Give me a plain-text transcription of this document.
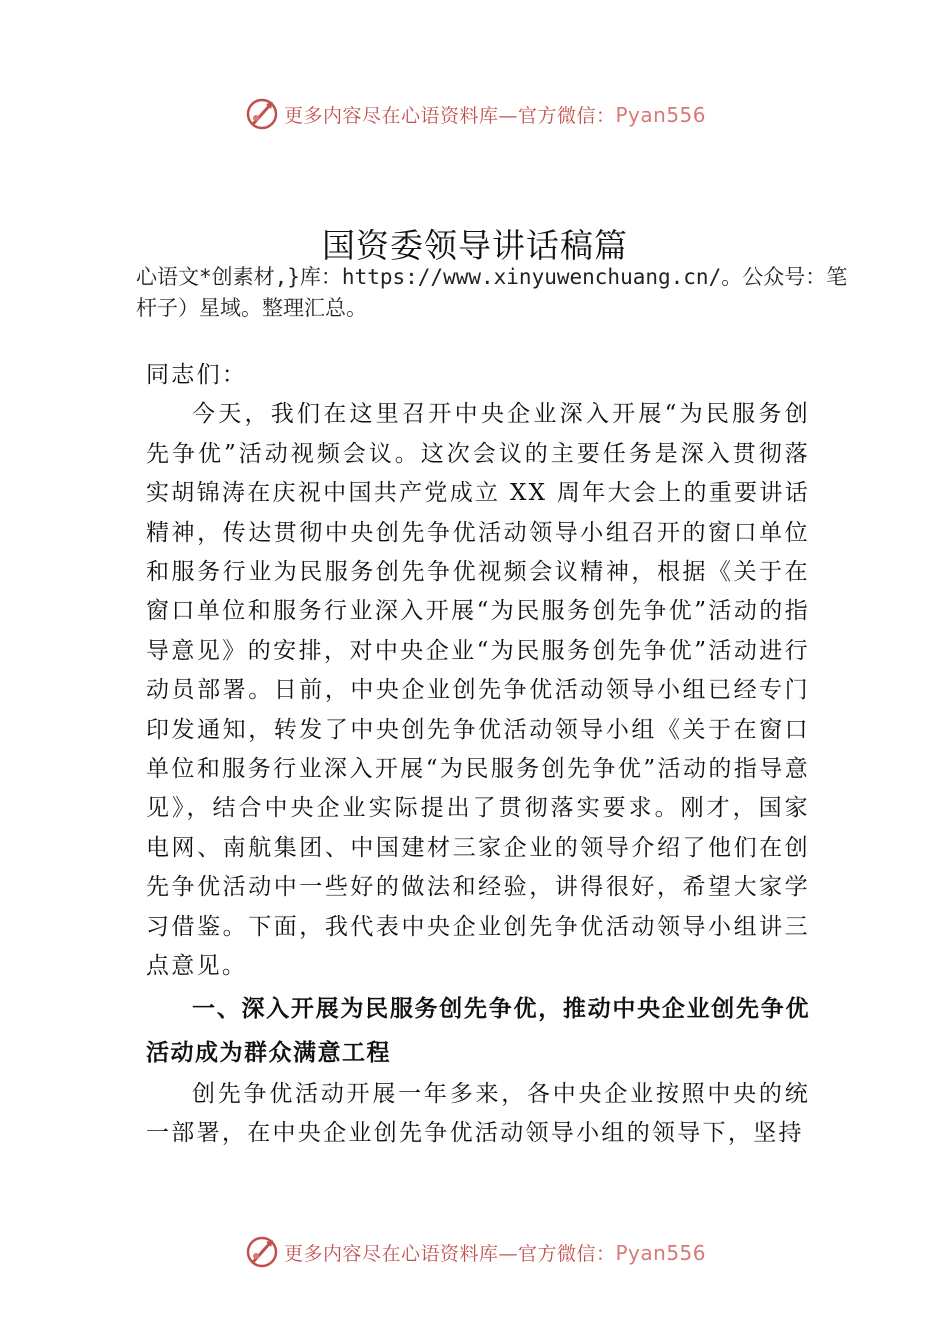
更多内容尽在心语资料库—官方微信：Pyan556
国资委领导讲话稿篇
心语文*创素材,}库：https://www.xinyuwenchuang.cn/。公众号：笔杆子）星域。整理汇总。

同志们：

今天，我们在这里召开中央企业深入开展“为民服务创先争优”活动视频会议。这次会议的主要任务是深入贯彻落实胡锦涛在庆祝中国共产党成立 XX 周年大会上的重要讲话精神，传达贯彻中央创先争优活动领导小组召开的窗口单位和服务行业为民服务创先争优视频会议精神，根据《关于在窗口单位和服务行业深入开展“为民服务创先争优”活动的指导意见》的安排，对中央企业“为民服务创先争优”活动进行动员部署。日前，中央企业创先争优活动领导小组已经专门印发通知，转发了中央创先争优活动领导小组《关于在窗口单位和服务行业深入开展“为民服务创先争优”活动的指导意见》，结合中央企业实际提出了贯彻落实要求。刚才，国家电网、南航集团、中国建材三家企业的领导介绍了他们在创先争优活动中一些好的做法和经验，讲得很好，希望大家学习借鉴。下面，我代表中央企业创先争优活动领导小组讲三点意见。

一、深入开展为民服务创先争优，推动中央企业创先争优活动成为群众满意工程

创先争优活动开展一年多来，各中央企业按照中央的统一部署，在中央企业创先争优活动领导小组的领导下，坚持

更多内容尽在心语资料库—官方微信：Pyan556
